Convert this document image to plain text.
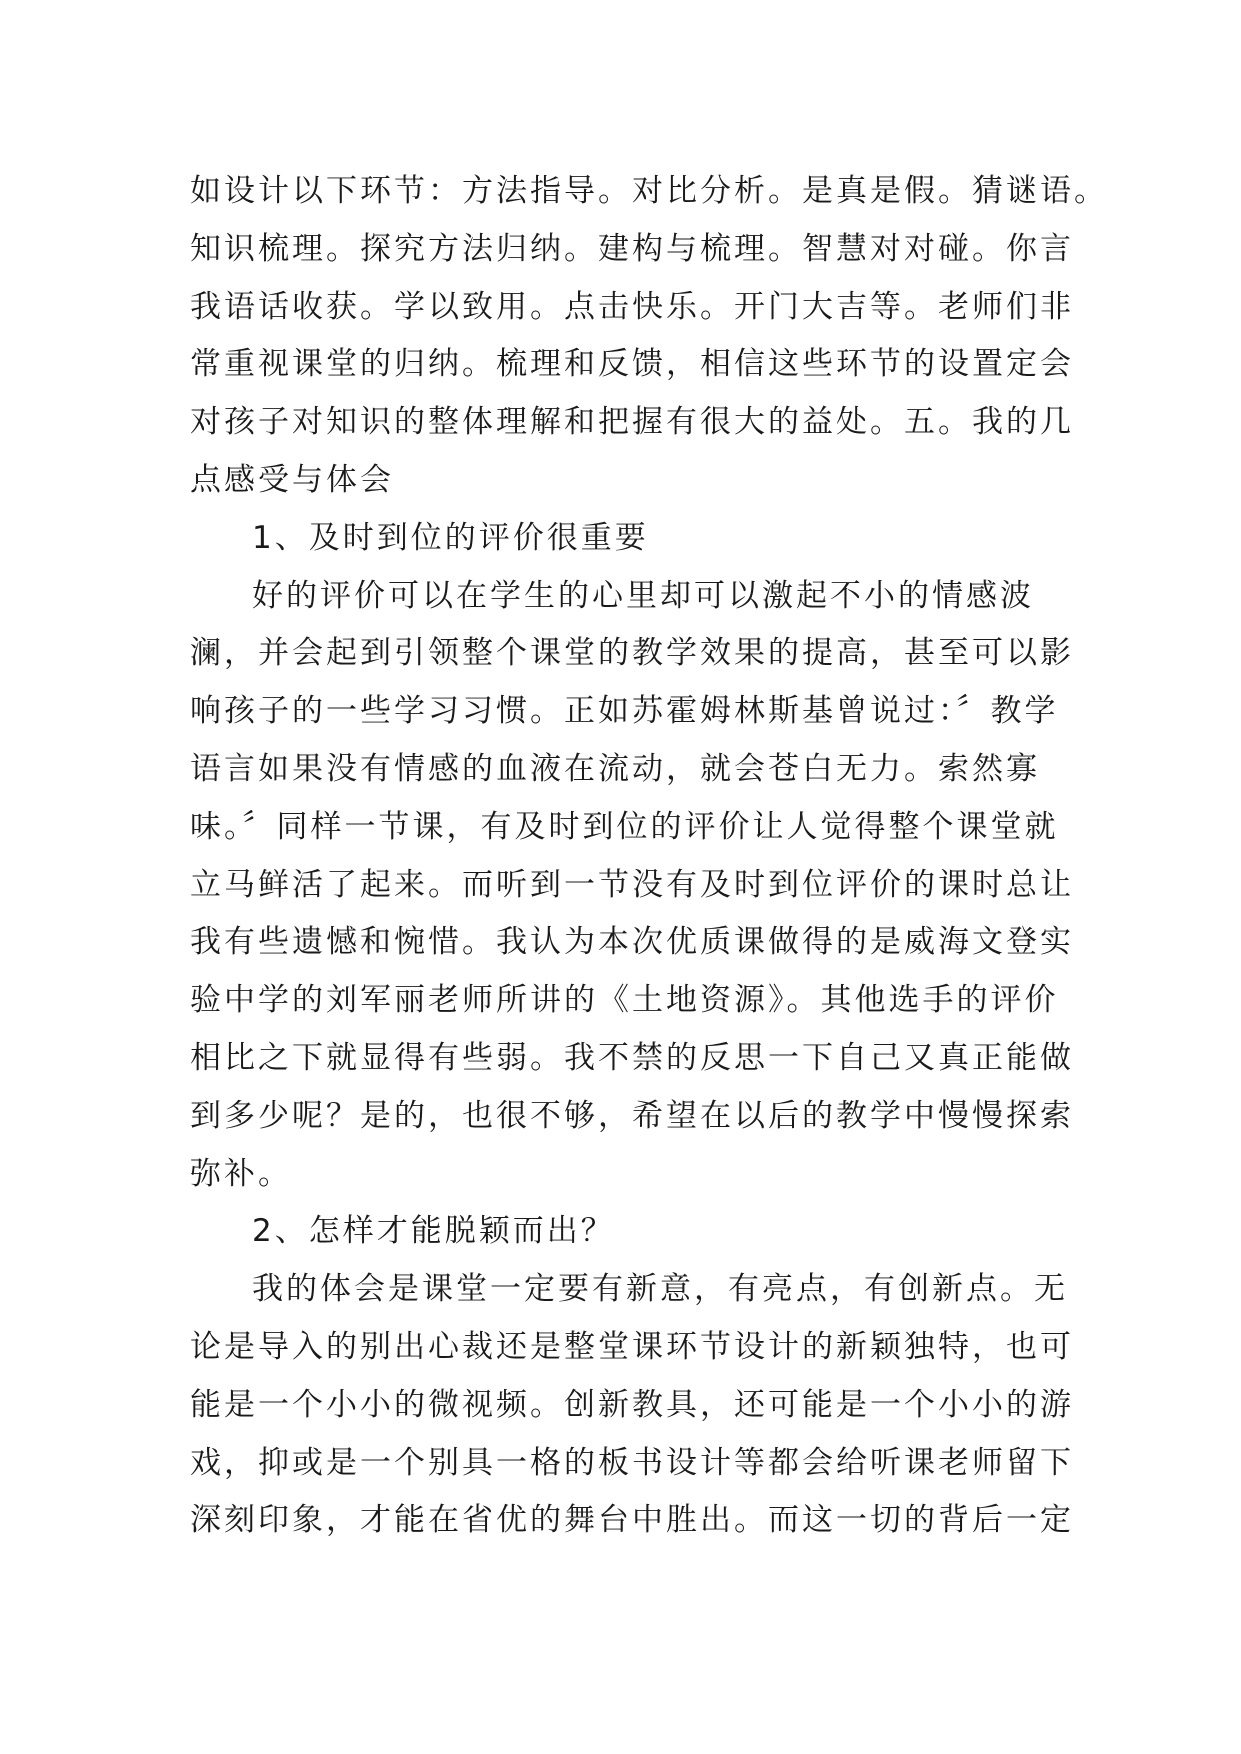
如设计以下环节：方法指导。对比分析。是真是假。猜谜语。
知识梳理。探究方法归纳。建构与梳理。智慧对对碰。你言
我语话收获。学以致用。点击快乐。开门大吉等。老师们非
常重视课堂的归纳。梳理和反馈，相信这些环节的设置定会
对孩子对知识的整体理解和把握有很大的益处。五。我的几
点感受与体会
1、及时到位的评价很重要
好的评价可以在学生的心里却可以激起不小的情感波
澜，并会起到引领整个课堂的教学效果的提高，甚至可以影
响孩子的一些学习习惯。正如苏霍姆林斯基曾说过：〞教学
语言如果没有情感的血液在流动，就会苍白无力。索然寡
味。〞同样一节课，有及时到位的评价让人觉得整个课堂就
立马鲜活了起来。而听到一节没有及时到位评价的课时总让
我有些遗憾和惋惜。我认为本次优质课做得的是威海文登实
验中学的刘军丽老师所讲的《土地资源》。其他选手的评价
相比之下就显得有些弱。我不禁的反思一下自己又真正能做
到多少呢？是的，也很不够，希望在以后的教学中慢慢探索
弥补。
2、怎样才能脱颖而出？
我的体会是课堂一定要有新意，有亮点，有创新点。无
论是导入的别出心裁还是整堂课环节设计的新颖独特，也可
能是一个小小的微视频。创新教具，还可能是一个小小的游
戏，抑或是一个别具一格的板书设计等都会给听课老师留下
深刻印象，才能在省优的舞台中胜出。而这一切的背后一定
